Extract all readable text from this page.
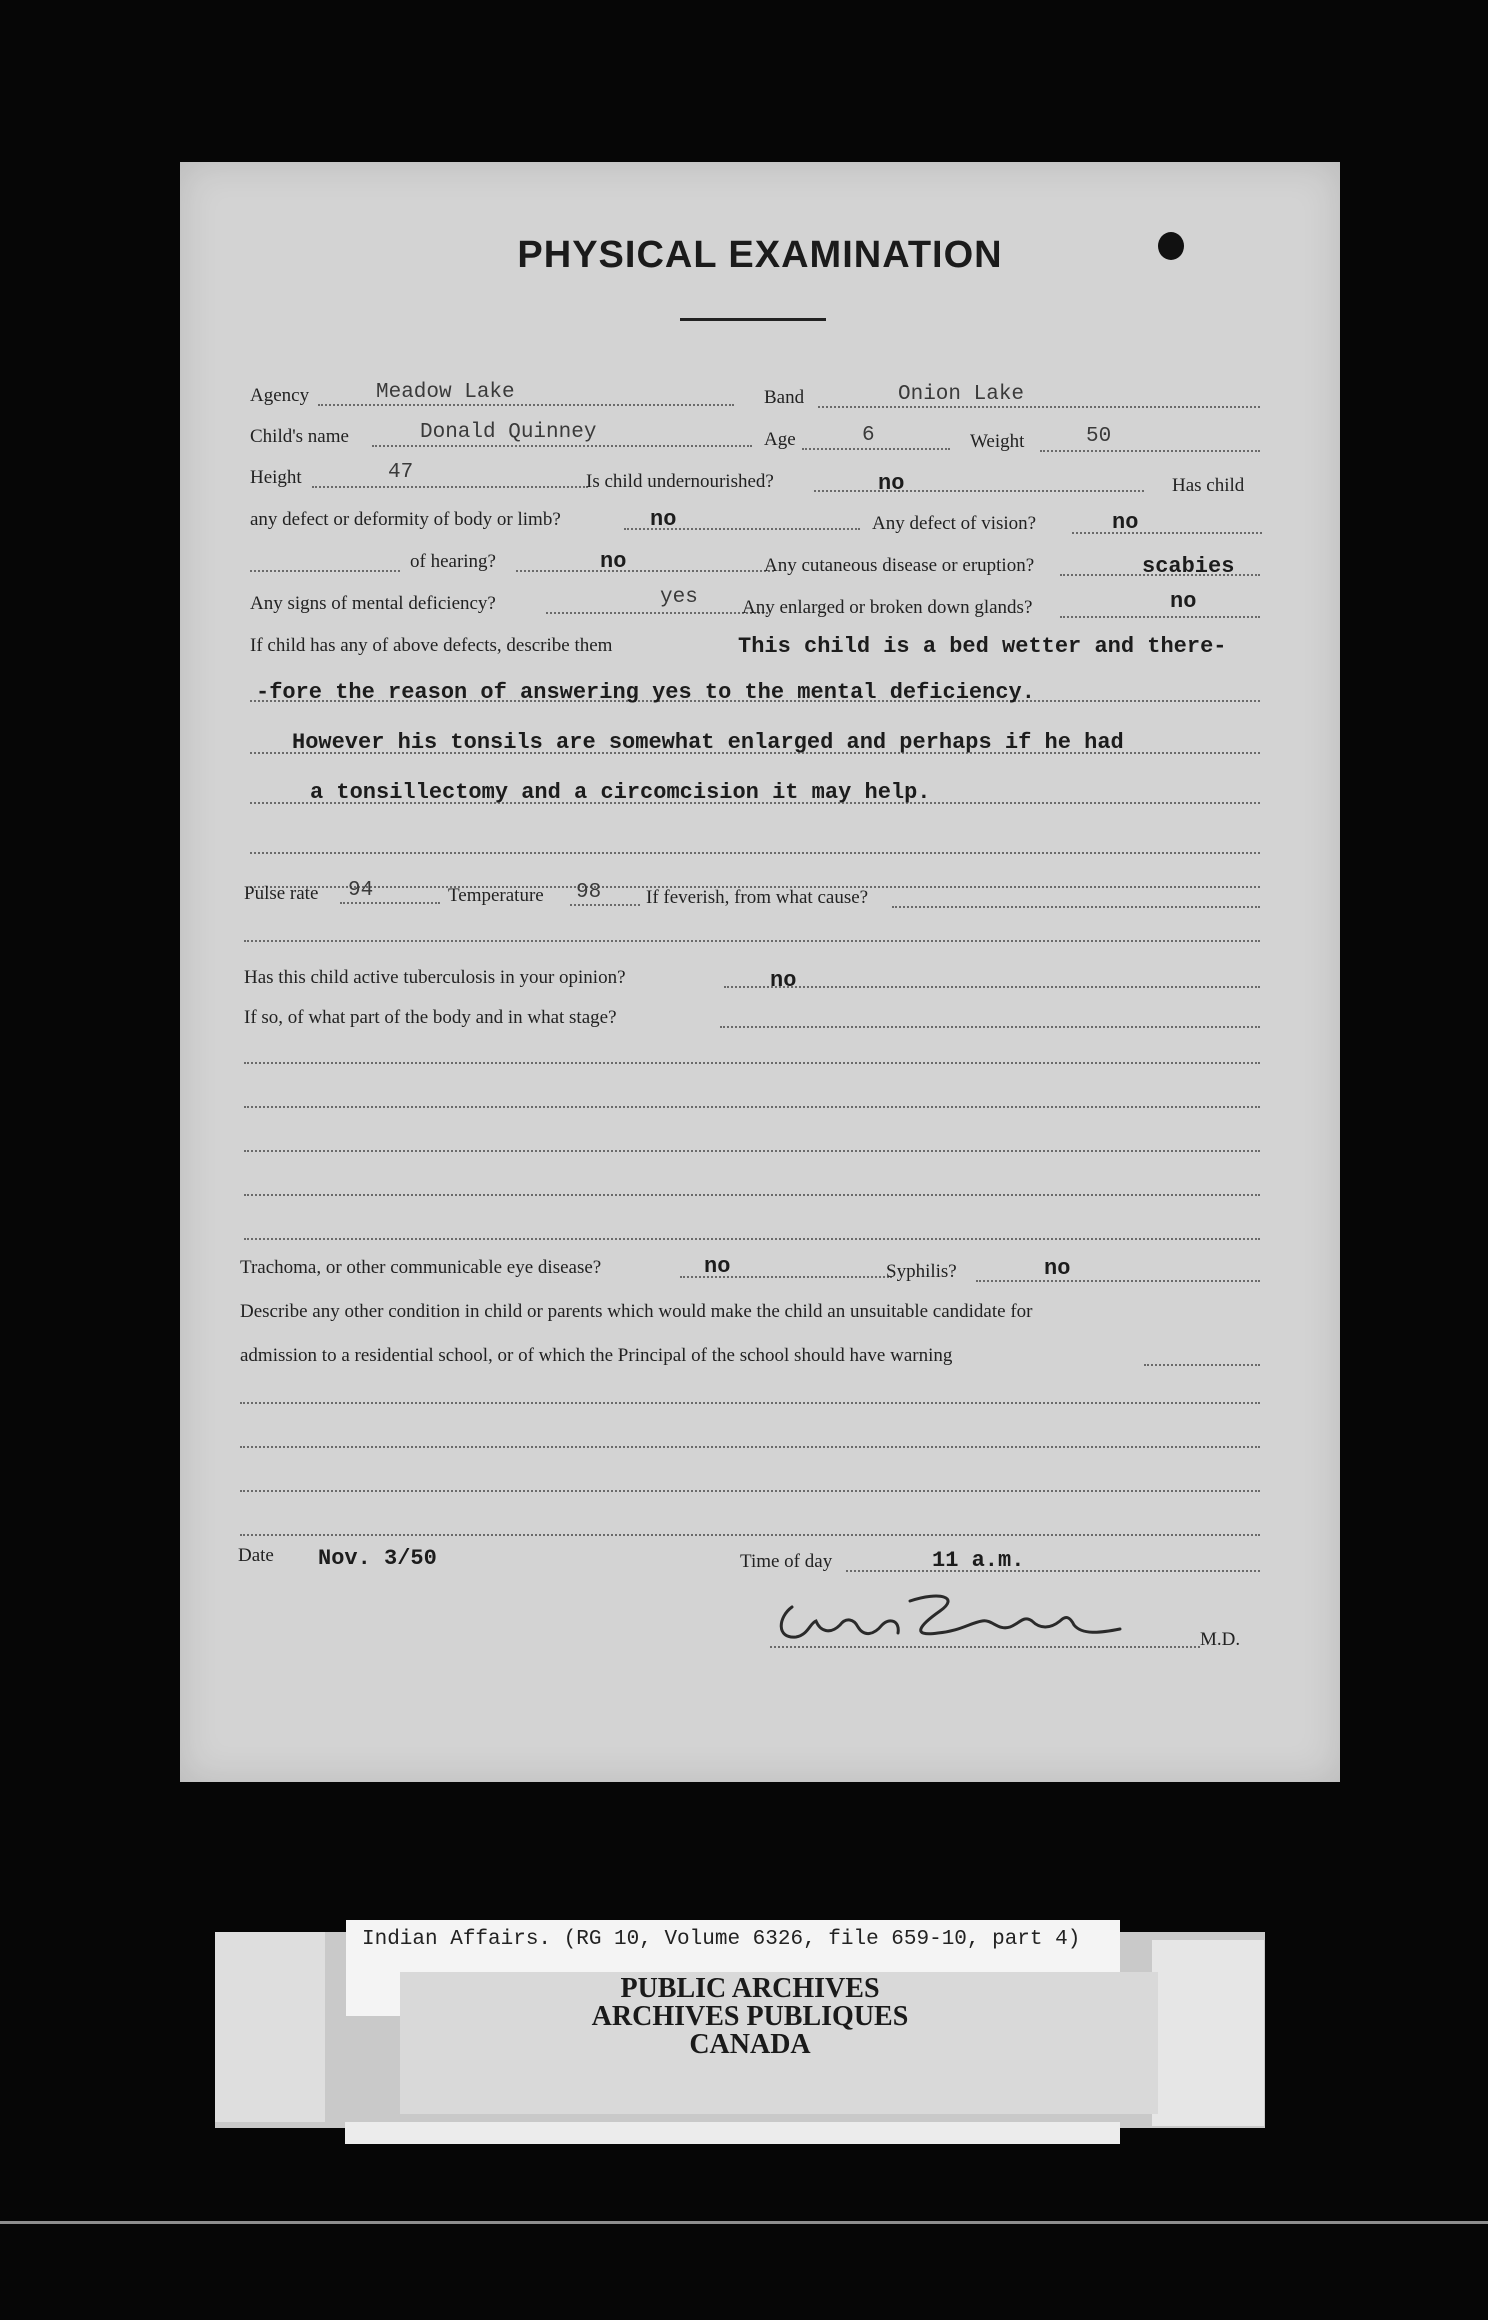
PHYSICAL EXAMINATION
Agency	Meadow Lake	Band	Onion Lake
Child's name	Donald Quinney	Age	6	Weight	50
Height	47	Is child undernourished?	no	Has child
any defect or deformity of body or limb?	no	Any defect of vision?	no
of hearing?	no	Any cutaneous disease or eruption?	scabies
Any signs of mental deficiency?	yes Any enlarged or broken down glands?	no
If child has any of above defects, describe them	This child is a bed wetter and there-
-fore the reason of answering yes to the mental deficiency.
However his tonsils are somewhat enlarged and perhaps if he had
a tonsillectomy and a circomcision it may help.
Pulse rate 94	Temperature 98 If feverish, from what cause?
Has this child active tuberculosis in your opinion?	no
If so, of what part of the body and in what stage?
Trachoma, or other communicable eye disease?	no	Syphilis?	no
Describe any other condition in child or parents which would make the child an unsuitable candidate for
admission to a residential school, or of which the Principal of the school should have warning
Date Nov. 3/50	Time of day	11 a.m.
M.D.
Indian Affairs. (RG 10, Volume 6326, file 659-10, part 4)
PUBLIC ARCHIVES
ARCHIVES PUBLIQUES
CANADA
